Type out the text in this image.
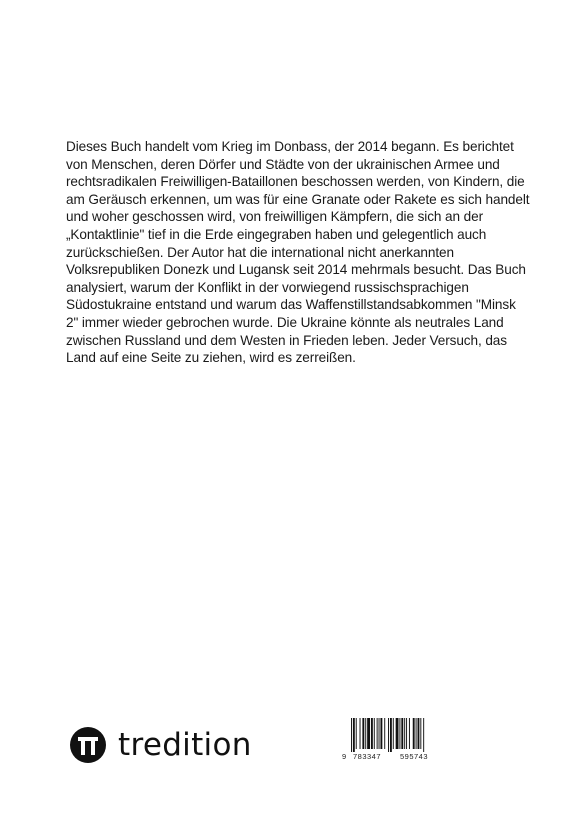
Dieses Buch handelt vom Krieg im Donbass, der 2014 begann. Es berichtet
von Menschen, deren Dörfer und Städte von der ukrainischen Armee und
rechtsradikalen Freiwilligen-Bataillonen beschossen werden, von Kindern, die
am Geräusch erkennen, um was für eine Granate oder Rakete es sich handelt
und woher geschossen wird, von freiwilligen Kämpfern, die sich an der
„Kontaktlinie" tief in die Erde eingegraben haben und gelegentlich auch
zurückschießen. Der Autor hat die international nicht anerkannten
Volksrepubliken Donezk und Lugansk seit 2014 mehrmals besucht. Das Buch
analysiert, warum der Konflikt in der vorwiegend russischsprachigen
Südostukraine entstand und warum das Waffenstillstandsabkommen "Minsk
2" immer wieder gebrochen wurde. Die Ukraine könnte als neutrales Land
zwischen Russland und dem Westen in Frieden leben. Jeder Versuch, das
Land auf eine Seite zu ziehen, wird es zerreißen.
tredition	9 783347	595743
